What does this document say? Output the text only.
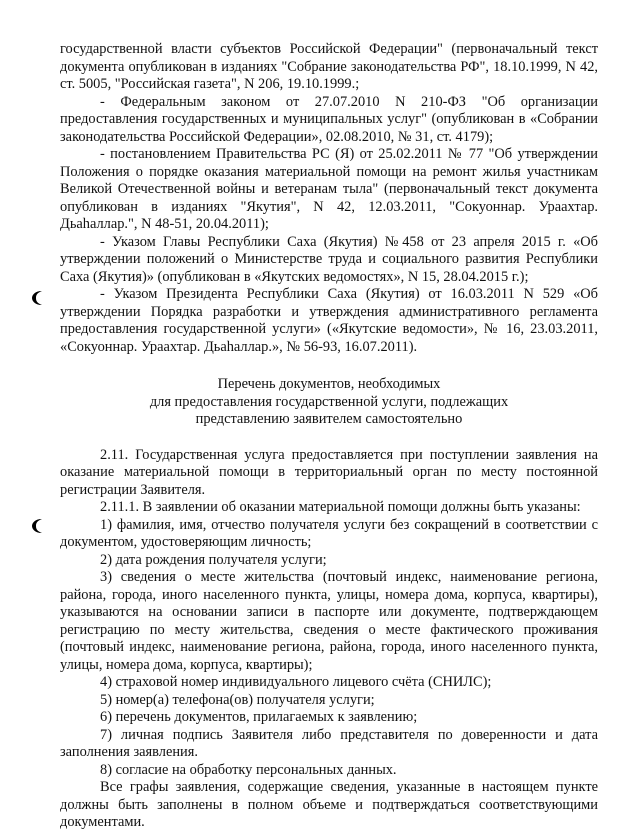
государственной власти субъектов Российской Федерации" (первоначальный текст документа опубликован в изданиях "Собрание законодательства РФ", 18.10.1999, N 42, ст. 5005, "Российская газета", N 206, 19.10.1999.;

- Федеральным законом от 27.07.2010 N 210-ФЗ "Об организации предоставления государственных и муниципальных услуг" (опубликован в «Собрании законодательства Российской Федерации», 02.08.2010, № 31, ст. 4179);

- постановлением Правительства РС (Я) от 25.02.2011 № 77 "Об утверждении Положения о порядке оказания материальной помощи на ремонт жилья участникам Великой Отечественной войны и ветеранам тыла" (первоначальный текст документа опубликован в изданиях "Якутия", N 42, 12.03.2011, "Сокуоннар. Ураахтар. Дьаһаллар.", N 48-51, 20.04.2011);

- Указом Главы Республики Саха (Якутия) №458 от 23 апреля 2015 г. «Об утверждении положений о Министерстве труда и социального развития Республики Саха (Якутия)» (опубликован в «Якутских ведомостях», N 15, 28.04.2015 г.);

- Указом Президента Республики Саха (Якутия) от 16.03.2011 N 529 «Об утверждении Порядка разработки и утверждения административного регламента предоставления государственной услуги» («Якутские ведомости», № 16, 23.03.2011, «Сокуоннар. Ураахтар. Дьаһаллар.», № 56-93, 16.07.2011).

Перечень документов, необходимых
для предоставления государственной услуги, подлежащих
представлению заявителем самостоятельно

2.11. Государственная услуга предоставляется при поступлении заявления на оказание материальной помощи в территориальный орган по месту постоянной регистрации Заявителя.

2.11.1. В заявлении об оказании материальной помощи должны быть указаны:

1) фамилия, имя, отчество получателя услуги без сокращений в соответствии с документом, удостоверяющим личность;

2) дата рождения получателя услуги;

3) сведения о месте жительства (почтовый индекс, наименование региона, района, города, иного населенного пункта, улицы, номера дома, корпуса, квартиры), указываются на основании записи в паспорте или документе, подтверждающем регистрацию по месту жительства, сведения о месте фактического проживания (почтовый индекс, наименование региона, района, города, иного населенного пункта, улицы, номера дома, корпуса, квартиры);

4) страховой номер индивидуального лицевого счёта (СНИЛС);

5) номер(а) телефона(ов) получателя услуги;

6) перечень документов, прилагаемых к заявлению;

7) личная подпись Заявителя либо представителя по доверенности и дата заполнения заявления.

8) согласие на обработку персональных данных.

Все графы заявления, содержащие сведения, указанные в настоящем пункте должны быть заполнены в полном объеме и подтверждаться соответствующими документами.
